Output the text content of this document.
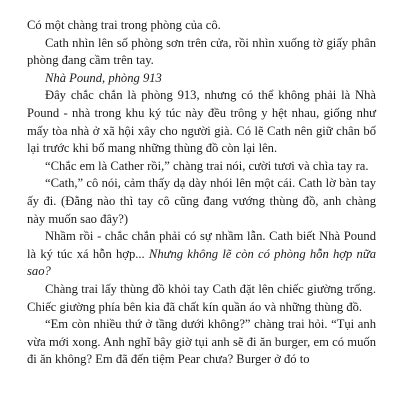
Có một chàng trai trong phòng của cô.

Cath nhìn lên số phòng sơn trên cửa, rồi nhìn xuống tờ giấy phân phòng đang cầm trên tay.

Nhà Pound, phòng 913

Đây chắc chắn là phòng 913, nhưng có thể không phải là Nhà Pound - nhà trong khu ký túc này đều trông y hệt nhau, giống như mấy tòa nhà ở xã hội xây cho người già. Có lẽ Cath nên giữ chân bố lại trước khi bố mang những thùng đồ còn lại lên.

“Chắc em là Cather rồi,” chàng trai nói, cười tươi và chìa tay ra.

“Cath,” cô nói, cảm thấy dạ dày nhói lên một cái. Cath lờ bàn tay ấy đi. (Đằng nào thì tay cô cũng đang vướng thùng đồ, anh chàng này muốn sao đây?)

Nhầm rồi - chắc chắn phải có sự nhầm lẫn. Cath biết Nhà Pound là ký túc xá hỗn hợp... Nhưng không lẽ còn có phòng hỗn hợp nữa sao?

Chàng trai lấy thùng đồ khỏi tay Cath đặt lên chiếc giường trống. Chiếc giường phía bên kia đã chất kín quần áo và những thùng đồ.

“Em còn nhiều thứ ở tầng dưới không?” chàng trai hỏi. “Tụi anh vừa mới xong. Anh nghĩ bây giờ tụi anh sẽ đi ăn burger, em có muốn đi ăn không? Em đã đến tiệm Pear chưa? Burger ở đó to
